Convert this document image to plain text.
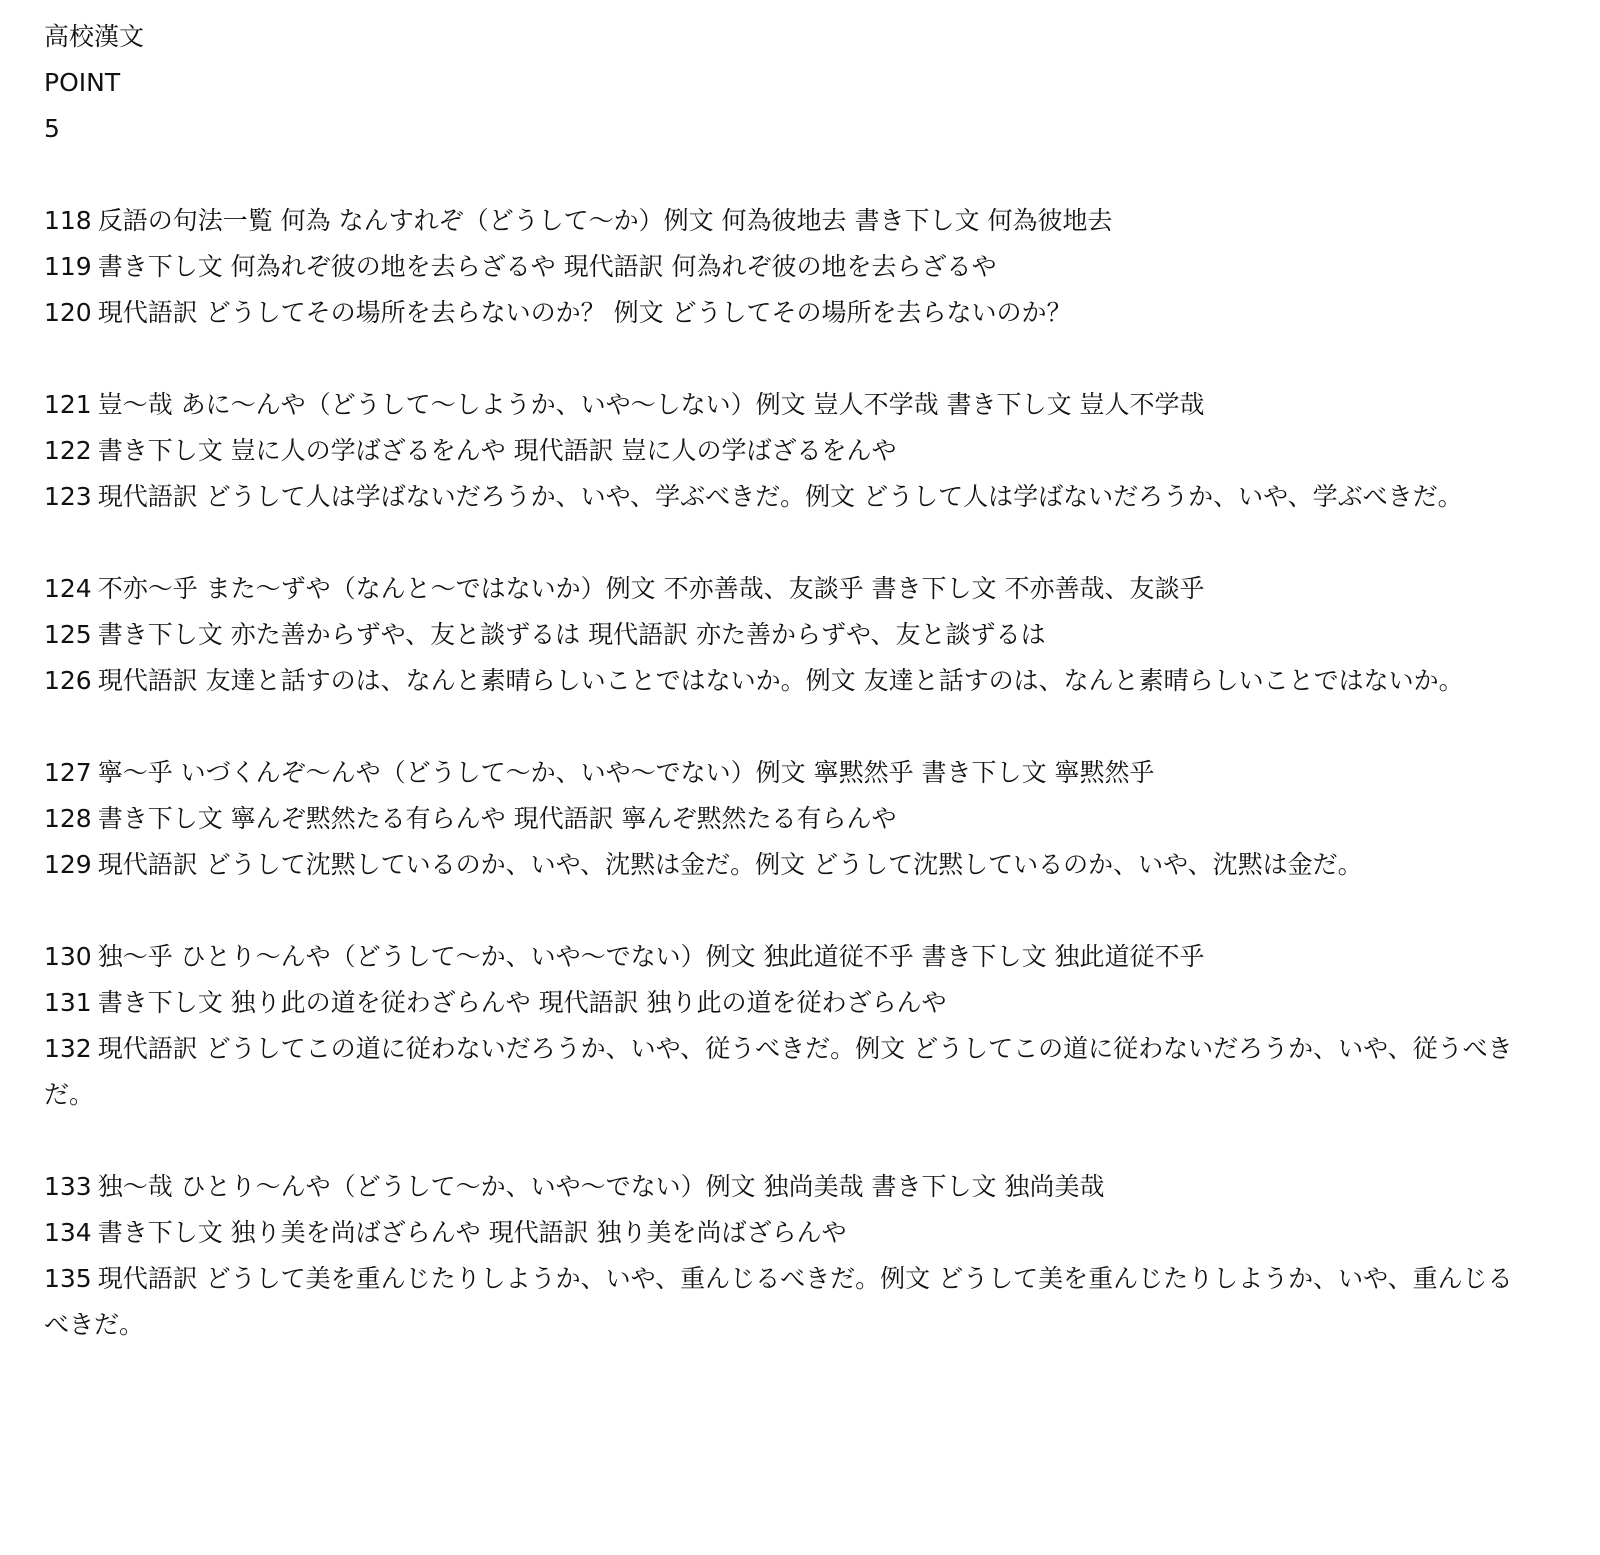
高校漢文
POINT
5
118 反語の句法一覧 何為 なんすれぞ（どうして〜か）例文 何為彼地去 書き下し文 何為彼地去
119 書き下し文 何為れぞ彼の地を去らざるや 現代語訳 何為れぞ彼の地を去らざるや
120 現代語訳 どうしてその場所を去らないのか？ 例文 どうしてその場所を去らないのか？
121 豈〜哉 あに〜んや（どうして〜しようか、いや〜しない）例文 豈人不学哉 書き下し文 豈人不学哉
122 書き下し文 豈に人の学ばざるをんや 現代語訳 豈に人の学ばざるをんや
123 現代語訳 どうして人は学ばないだろうか、いや、学ぶべきだ。例文 どうして人は学ばないだろうか、いや、学ぶべきだ。
124 不亦〜乎 また〜ずや（なんと〜ではないか）例文 不亦善哉、友談乎 書き下し文 不亦善哉、友談乎
125 書き下し文 亦た善からずや、友と談ずるは 現代語訳 亦た善からずや、友と談ずるは
126 現代語訳 友達と話すのは、なんと素晴らしいことではないか。例文 友達と話すのは、なんと素晴らしいことではないか。
127 寧〜乎 いづくんぞ〜んや（どうして〜か、いや〜でない）例文 寧黙然乎 書き下し文 寧黙然乎
128 書き下し文 寧んぞ黙然たる有らんや 現代語訳 寧んぞ黙然たる有らんや
129 現代語訳 どうして沈黙しているのか、いや、沈黙は金だ。例文 どうして沈黙しているのか、いや、沈黙は金だ。
130 独〜乎 ひとり〜んや（どうして〜か、いや〜でない）例文 独此道従不乎 書き下し文 独此道従不乎
131 書き下し文 独り此の道を従わざらんや 現代語訳 独り此の道を従わざらんや
132 現代語訳 どうしてこの道に従わないだろうか、いや、従うべきだ。例文 どうしてこの道に従わないだろうか、いや、従うべきだ。
133 独〜哉 ひとり〜んや（どうして〜か、いや〜でない）例文 独尚美哉 書き下し文 独尚美哉
134 書き下し文 独り美を尚ばざらんや 現代語訳 独り美を尚ばざらんや
135 現代語訳 どうして美を重んじたりしようか、いや、重んじるべきだ。例文 どうして美を重んじたりしようか、いや、重んじるべきだ。
